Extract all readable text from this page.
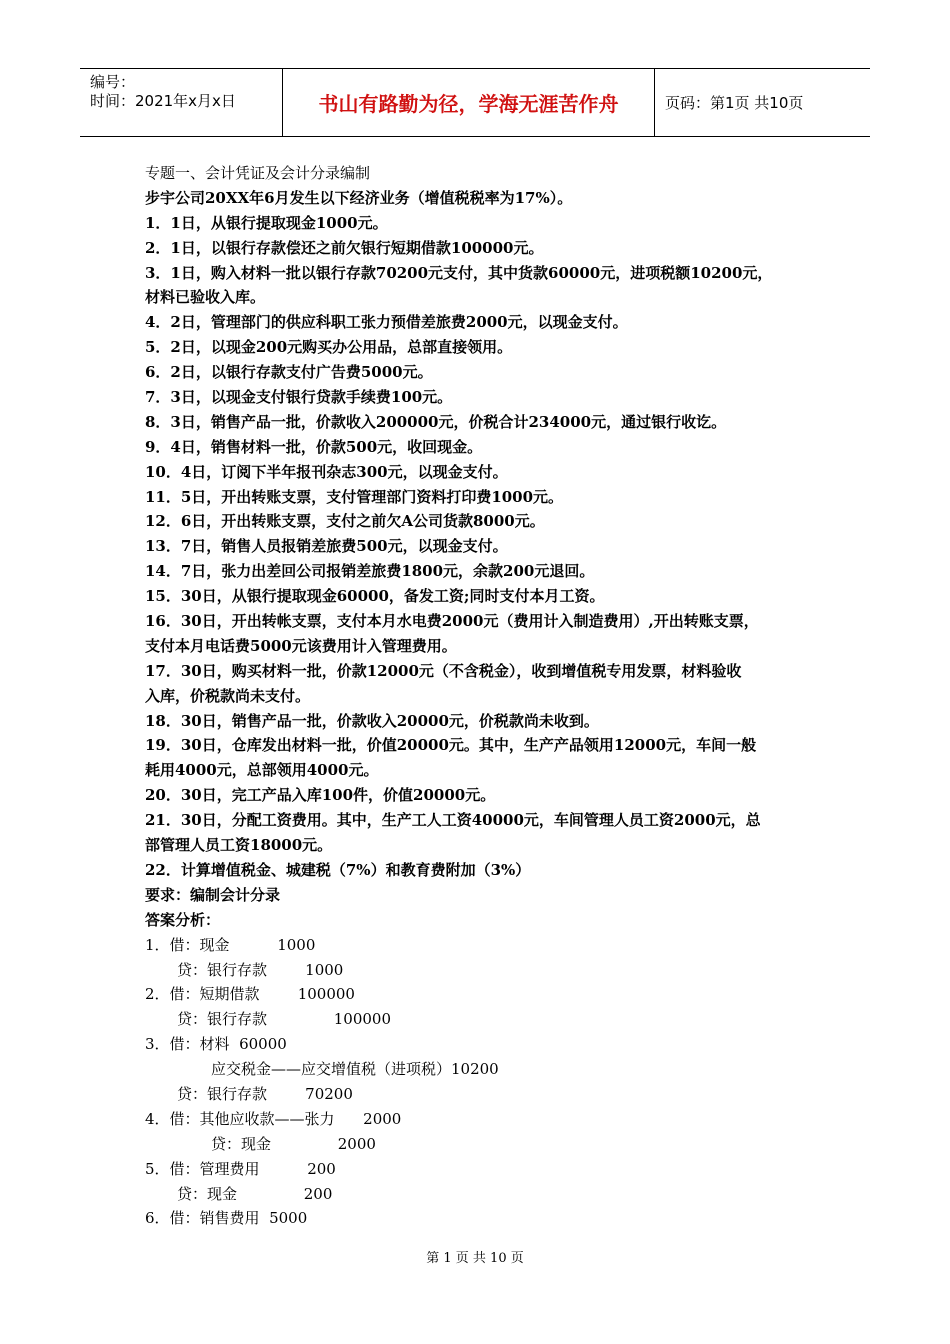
编号：
时间：2021年x月x日	书山有路勤为径，学海无涯苦作舟	页码：第1页 共10页
专题一、会计凭证及会计分录编制
步宇公司20XX年6月发生以下经济业务（增值税税率为17%）。
1．1日，从银行提取现金1000元。
2．1日，以银行存款偿还之前欠银行短期借款100000元。
3．1日，购入材料一批以银行存款70200元支付，其中货款60000元，进项税额10200元，
材料已验收入库。
4．2日，管理部门的供应科职工张力预借差旅费2000元，以现金支付。
5．2日，以现金200元购买办公用品，总部直接领用。
6．2日，以银行存款支付广告费5000元。
7．3日，以现金支付银行贷款手续费100元。
8．3日，销售产品一批，价款收入200000元，价税合计234000元，通过银行收讫。
9．4日，销售材料一批，价款500元，收回现金。
10．4日，订阅下半年报刊杂志300元，以现金支付。
11．5日，开出转账支票，支付管理部门资料打印费1000元。
12．6日，开出转账支票，支付之前欠A公司货款8000元。
13．7日，销售人员报销差旅费500元，以现金支付。
14．7日，张力出差回公司报销差旅费1800元，余款200元退回。
15．30日，从银行提取现金60000，备发工资;同时支付本月工资。
16．30日，开出转帐支票，支付本月水电费2000元（费用计入制造费用）,开出转账支票，
支付本月电话费5000元该费用计入管理费用。
17．30日，购买材料一批，价款12000元（不含税金），收到增值税专用发票，材料验收
入库，价税款尚未支付。
18．30日，销售产品一批，价款收入20000元，价税款尚未收到。
19．30日，仓库发出材料一批，价值20000元。其中，生产产品领用12000元，车间一般
耗用4000元，总部领用4000元。
20．30日，完工产品入库100件，价值20000元。
21．30日，分配工资费用。其中，生产工人工资40000元，车间管理人员工资2000元，总
部管理人员工资18000元。
22．计算增值税金、城建税（7%）和教育费附加（3%）
要求：编制会计分录
答案分析：
1．借：现金          1000
贷：银行存款        1000
2．借：短期借款        100000
贷：银行存款              100000
3．借：材料  60000
应交税金——应交增值税（进项税）10200
贷：银行存款        70200
4．借：其他应收款——张力      2000
贷：现金              2000
5．借：管理费用          200
贷：现金              200
6．借：销售费用  5000
第 1 页 共 10 页
